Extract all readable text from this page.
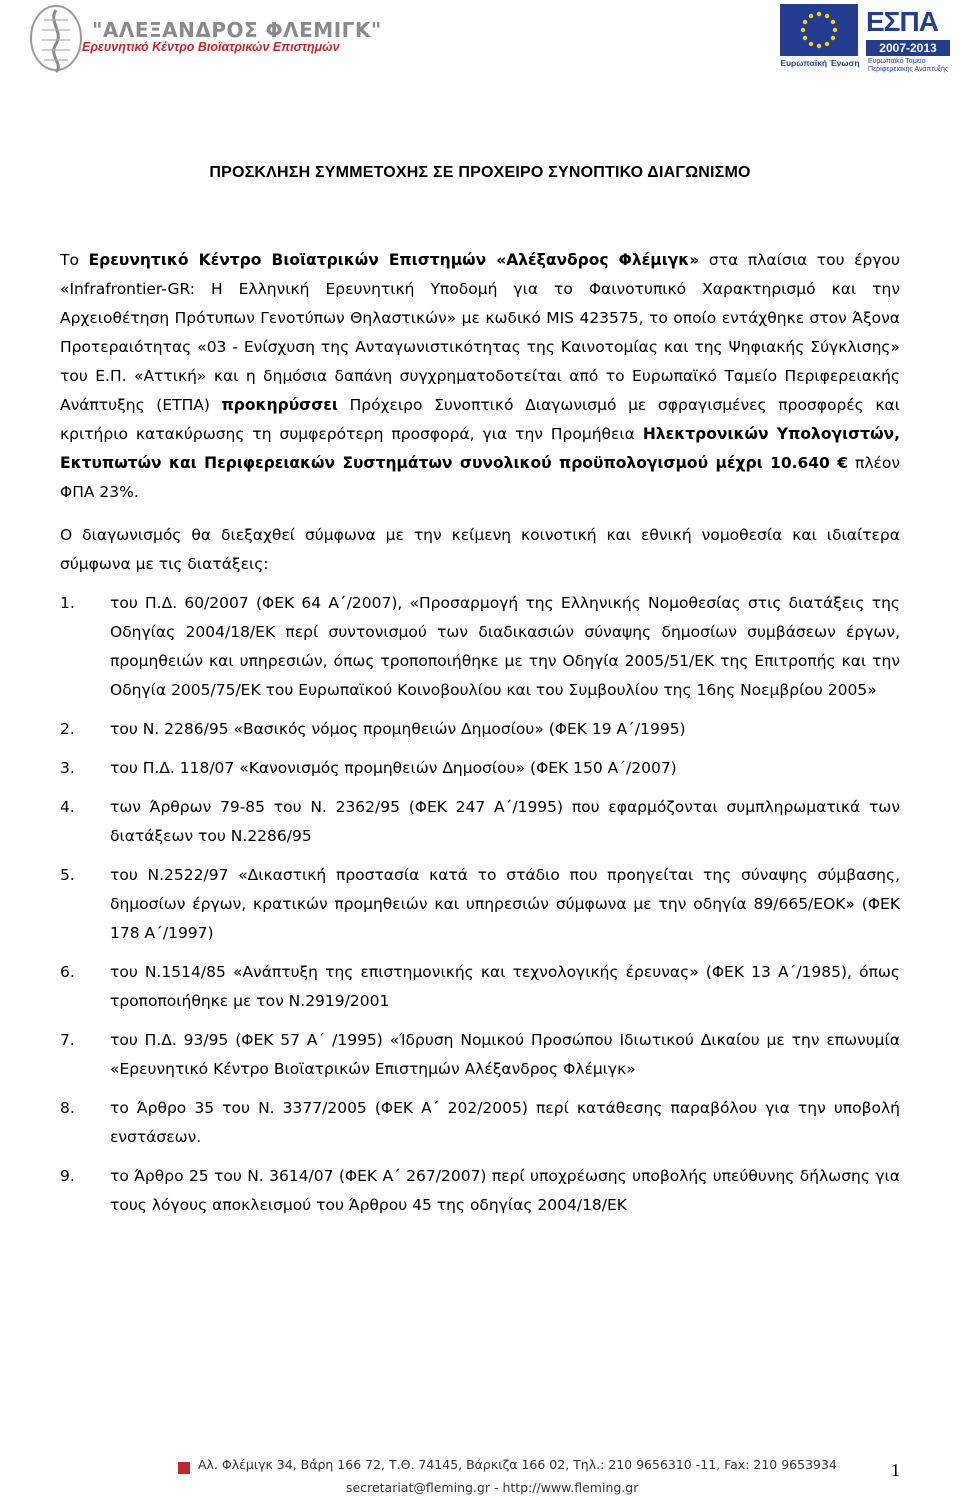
"ΑΛΕΞΑΝΔΡΟΣ ΦΛΕΜΙΓΚ"
Ερευνητικό Κέντρο Βιοϊατρικών Επιστημών
Ευρωπαϊκή Ένωση
ΕΣΠΑ
2007-2013
Ευρωπαϊκό Ταμείο Περιφερειακής Ανάπτυξης
ΠΡΟΣΚΛΗΣΗ ΣΥΜΜΕΤΟΧΗΣ ΣΕ ΠΡΟΧΕΙΡΟ ΣΥΝΟΠΤΙΚΟ ΔΙΑΓΩΝΙΣΜΟ

Το Ερευνητικό Κέντρο Βιοϊατρικών Επιστημών «Αλέξανδρος Φλέμιγκ» στα πλαίσια του έργου «Infrafrontier-GR: Η Ελληνική Ερευνητική Υποδομή για το Φαινοτυπικό Χαρακτηρισμό και την Αρχειοθέτηση Πρότυπων Γενοτύπων Θηλαστικών» με κωδικό MIS 423575, το οποίο εντάχθηκε στον Άξονα Προτεραιότητας «03 - Ενίσχυση της Ανταγωνιστικότητας της Καινοτομίας και της Ψηφιακής Σύγκλισης» του Ε.Π. «Αττική» και η δημόσια δαπάνη συγχρηματοδοτείται από το Ευρωπαϊκό Ταμείο Περιφερειακής Ανάπτυξης (ΕΤΠΑ) προκηρύσσει Πρόχειρο Συνοπτικό Διαγωνισμό με σφραγισμένες προσφορές και κριτήριο κατακύρωσης τη συμφερότερη προσφορά, για την Προμήθεια Ηλεκτρονικών Υπολογιστών, Εκτυπωτών και Περιφερειακών Συστημάτων συνολικού προϋπολογισμού μέχρι 10.640 € πλέον ΦΠΑ 23%.

Ο διαγωνισμός θα διεξαχθεί σύμφωνα με την κείμενη κοινοτική και εθνική νομοθεσία και ιδιαίτερα σύμφωνα με τις διατάξεις:

1. του Π.Δ. 60/2007 (ΦΕΚ 64 Α΄/2007), «Προσαρμογή της Ελληνικής Νομοθεσίας στις διατάξεις της Οδηγίας 2004/18/ΕΚ περί συντονισμού των διαδικασιών σύναψης δημοσίων συμβάσεων έργων, προμηθειών και υπηρεσιών, όπως τροποποιήθηκε με την Οδηγία 2005/51/ΕΚ της Επιτροπής και την Οδηγία 2005/75/ΕΚ του Ευρωπαϊκού Κοινοβουλίου και του Συμβουλίου της 16ης Νοεμβρίου 2005»
2. του Ν. 2286/95 «Βασικός νόμος προμηθειών Δημοσίου» (ΦΕΚ 19 Α΄/1995)
3. του Π.Δ. 118/07 «Κανονισμός προμηθειών Δημοσίου» (ΦΕΚ 150 Α΄/2007)
4. των Άρθρων 79-85 του Ν. 2362/95 (ΦΕΚ 247 Α΄/1995) που εφαρμόζονται συμπληρωματικά των διατάξεων του Ν.2286/95
5. του Ν.2522/97 «Δικαστική προστασία κατά το στάδιο που προηγείται της σύναψης σύμβασης, δημοσίων έργων, κρατικών προμηθειών και υπηρεσιών σύμφωνα με την οδηγία 89/665/ΕΟΚ» (ΦΕΚ 178 Α΄/1997)
6. του Ν.1514/85 «Ανάπτυξη της επιστημονικής και τεχνολογικής έρευνας» (ΦΕΚ 13 Α΄/1985), όπως τροποποιήθηκε με τον Ν.2919/2001
7. του Π.Δ. 93/95 (ΦΕΚ 57 Α΄ /1995) «Ίδρυση Νομικού Προσώπου Ιδιωτικού Δικαίου με την επωνυμία «Ερευνητικό Κέντρο Βιοϊατρικών Επιστημών Αλέξανδρος Φλέμιγκ»
8. το Άρθρο 35 του Ν. 3377/2005 (ΦΕΚ Α΄ 202/2005) περί κατάθεσης παραβόλου για την υποβολή ενστάσεων.
9. το Άρθρο 25 του Ν. 3614/07 (ΦΕΚ Α΄ 267/2007) περί υποχρέωσης υποβολής υπεύθυνης δήλωσης για τους λόγους αποκλεισμού του Άρθρου 45 της οδηγίας 2004/18/ΕΚ
Αλ. Φλέμιγκ 34, Βάρη 166 72, Τ.Θ. 74145, Βάρκιζα 166 02, Τηλ.: 210 9656310 -11, Fax: 210 9653934
secretariat@fleming.gr - http://www.fleming.gr
1
